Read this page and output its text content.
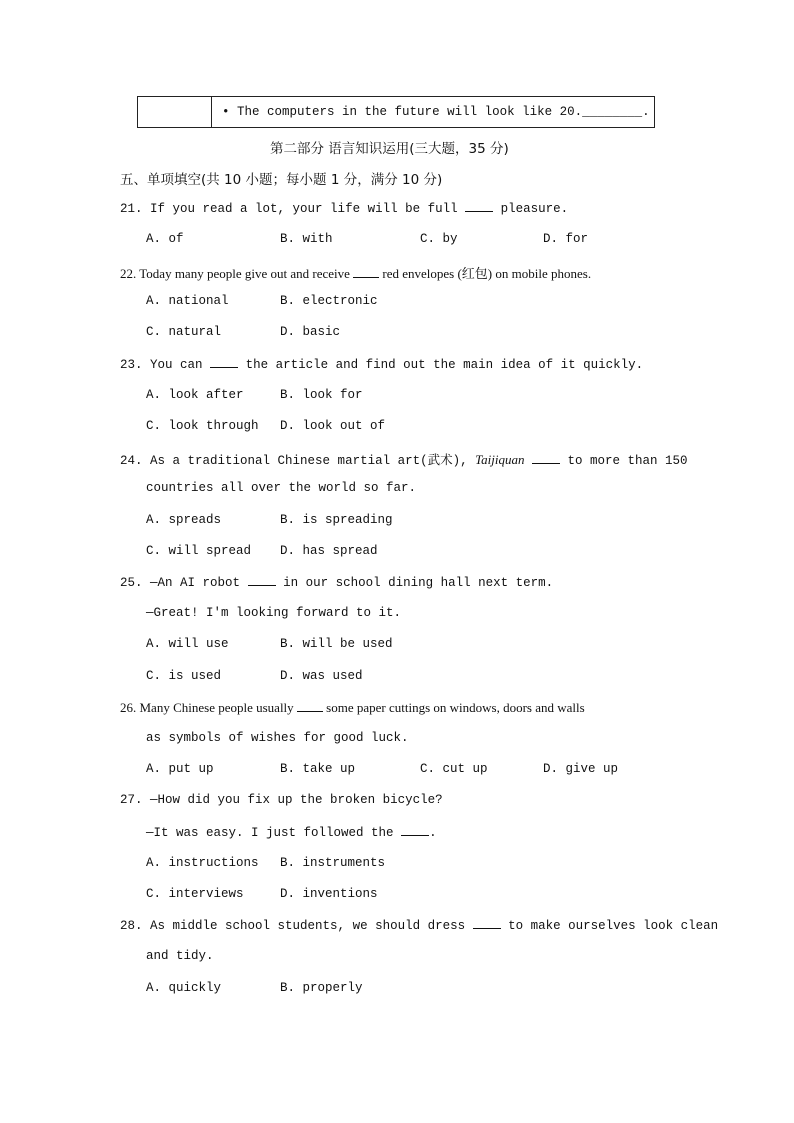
• The computers in the future will look like 20.________.
第二部分 语言知识运用(三大题，35 分)
五、单项填空(共 10 小题；每小题 1 分，满分 10 分)
21. If you read a lot, your life will be full	pleasure.
A. of	B. with	C. by	D. for
22. Today many people give out and receive	red envelopes (红包) on mobile phones.
A. national	B. electronic
C. natural	D. basic
23. You can	the article and find out the main idea of it quickly.
A. look after	B. look for
C. look through D. look out of
24. As a traditional Chinese martial art(武术), Taijiquan	to more than 150
countries all over the world so far.
A. spreads	B. is spreading
C. will spread D. has spread
25. —An AI robot	in our school dining hall next term.
—Great! I'm looking forward to it.
A. will use	B. will be used
C. is used	D. was used
26. Many Chinese people usually	some paper cuttings on windows, doors and walls
as symbols of wishes for good luck.
A. put up	B. take up	C. cut up	D. give up
27. —How did you fix up the broken bicycle?
—It was easy. I just followed the	.
A. instructions B. instruments
C. interviews	D. inventions
28. As middle school students, we should dress	to make ourselves look clean
and tidy.
A. quickly	B. properly
